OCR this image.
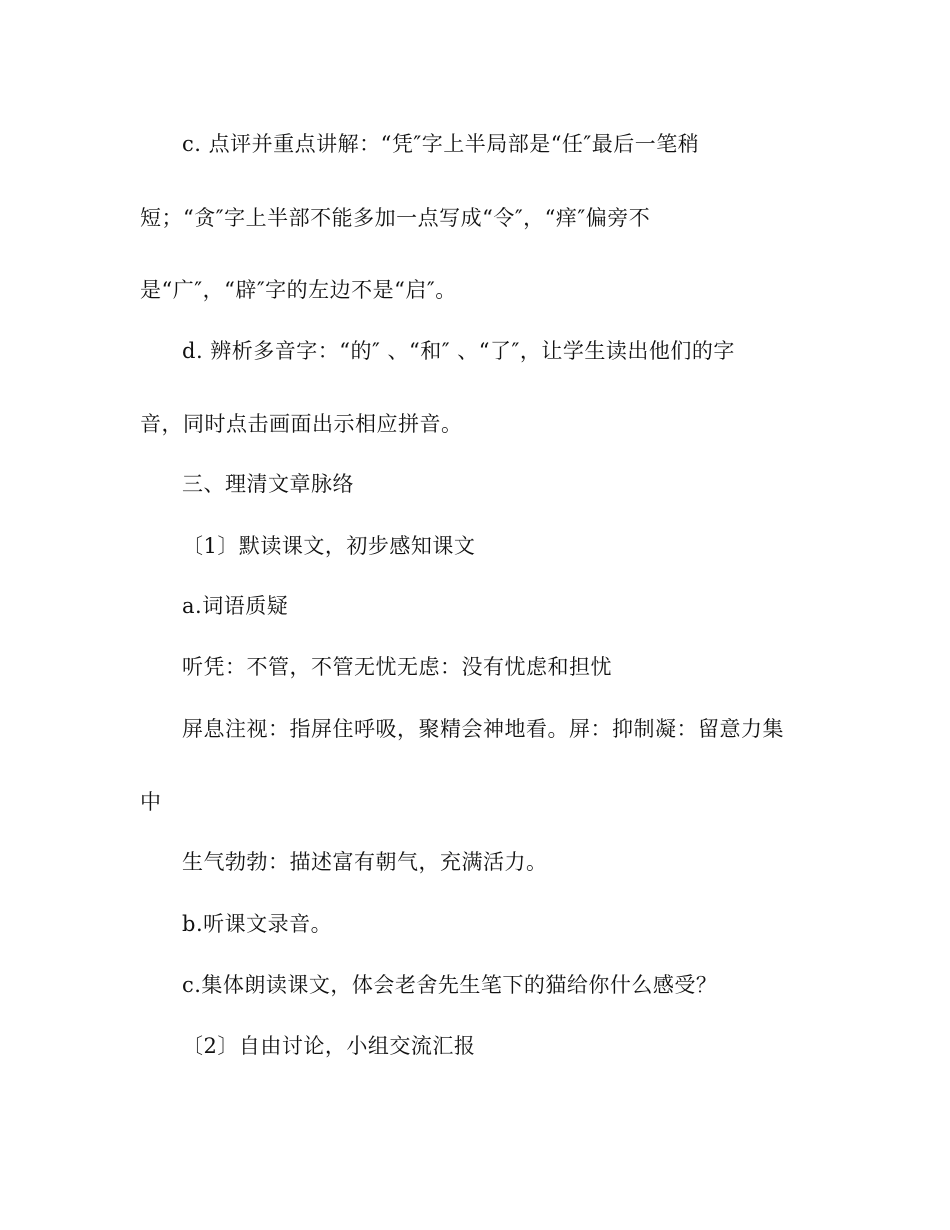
c. 点评并重点讲解：“凭″字上半局部是“任″最后一笔稍
短；“贪″字上半部不能多加一点写成“令″，“痒″偏旁不
是“广″，“辟″字的左边不是“启″。
d. 辨析多音字：“的″ 、“和″ 、“了″，让学生读出他们的字
音，同时点击画面出示相应拼音。
三、理清文章脉络
〔1〕默读课文，初步感知课文
a.词语质疑
听凭：不管，不管无忧无虑：没有忧虑和担忧
屏息注视：指屏住呼吸，聚精会神地看。屏：抑制凝：留意力集
中
生气勃勃：描述富有朝气，充满活力。
b.听课文录音。
c.集体朗读课文，体会老舍先生笔下的猫给你什么感受？
〔2〕自由讨论，小组交流汇报
